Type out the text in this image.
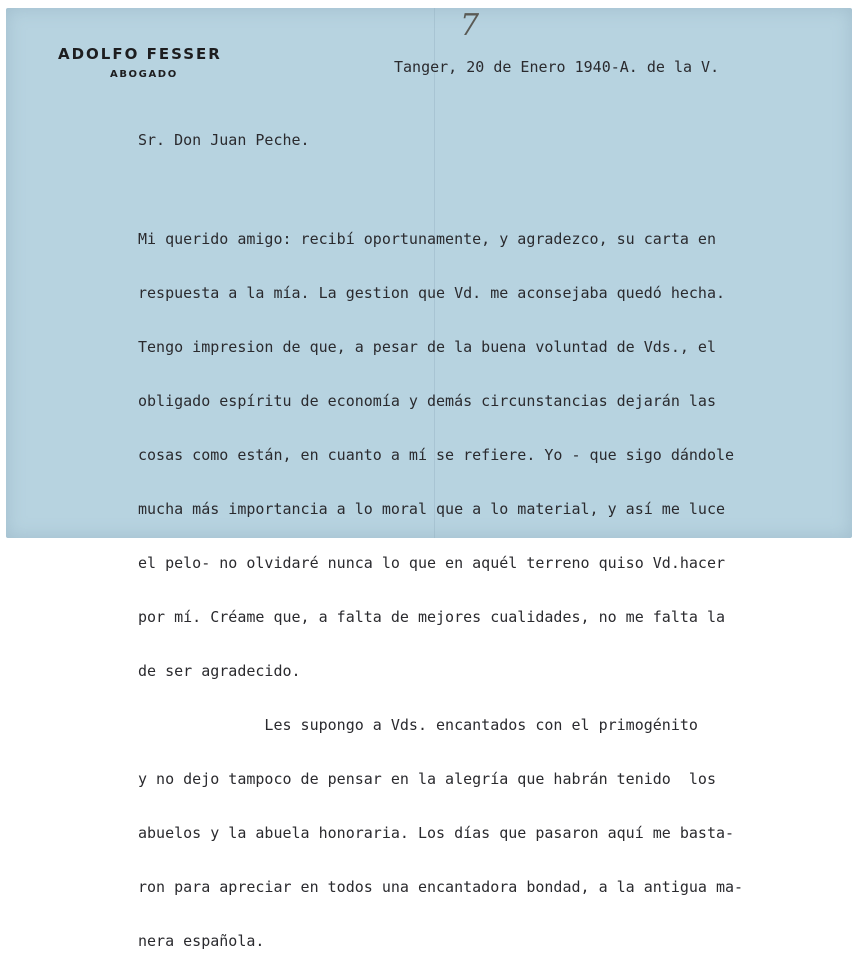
7
ADOLFO FESSER
ABOGADO	Tanger, 20 de Enero 1940-A. de la V.
Sr. Don Juan Peche.

Mi querido amigo: recibí oportunamente, y agradezco, su carta en

respuesta a la mía. La gestion que Vd. me aconsejaba quedó hecha.

Tengo impresion de que, a pesar de la buena voluntad de Vds., el

obligado espíritu de economía y demás circunstancias dejarán las

cosas como están, en cuanto a mí se refiere. Yo - que sigo dándole

mucha más importancia a lo moral que a lo material, y así me luce

el pelo- no olvidaré nunca lo que en aquél terreno quiso Vd.hacer

por mí. Créame que, a falta de mejores cualidades, no me falta la

de ser agradecido.

Les supongo a Vds. encantados con el primogénito

y no dejo tampoco de pensar en la alegría que habrán tenido  los

abuelos y la abuela honoraria. Los días que pasaron aquí me basta-

ron para apreciar en todos una encantadora bondad, a la antigua ma-

nera española.
